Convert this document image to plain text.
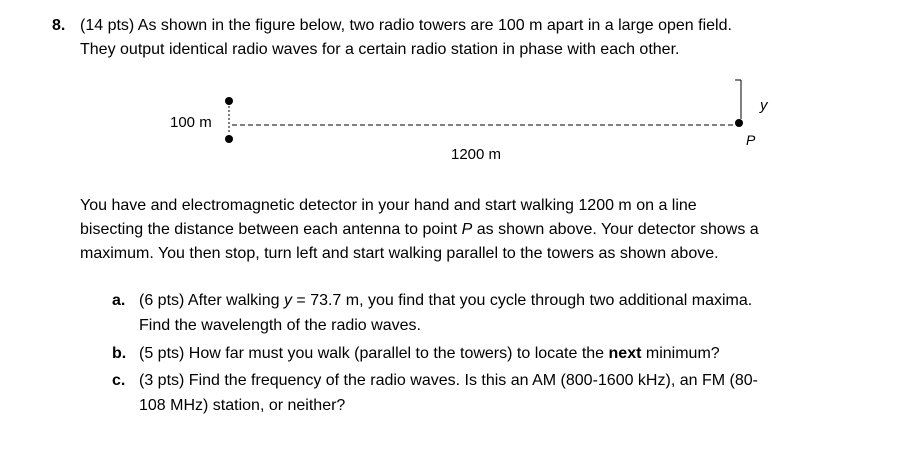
8. (14 pts) As shown in the figure below, two radio towers are 100 m apart in a large open field.
They output identical radio waves for a certain radio station in phase with each other.
100 m
1200 m
y
P
You have and electromagnetic detector in your hand and start walking 1200 m on a line
bisecting the distance between each antenna to point P as shown above. Your detector shows a
maximum. You then stop, turn left and start walking parallel to the towers as shown above.
a. (6 pts) After walking y = 73.7 m, you find that you cycle through two additional maxima.
Find the wavelength of the radio waves.
b. (5 pts) How far must you walk (parallel to the towers) to locate the next minimum?
c. (3 pts) Find the frequency of the radio waves. Is this an AM (800-1600 kHz), an FM (80-
108 MHz) station, or neither?
